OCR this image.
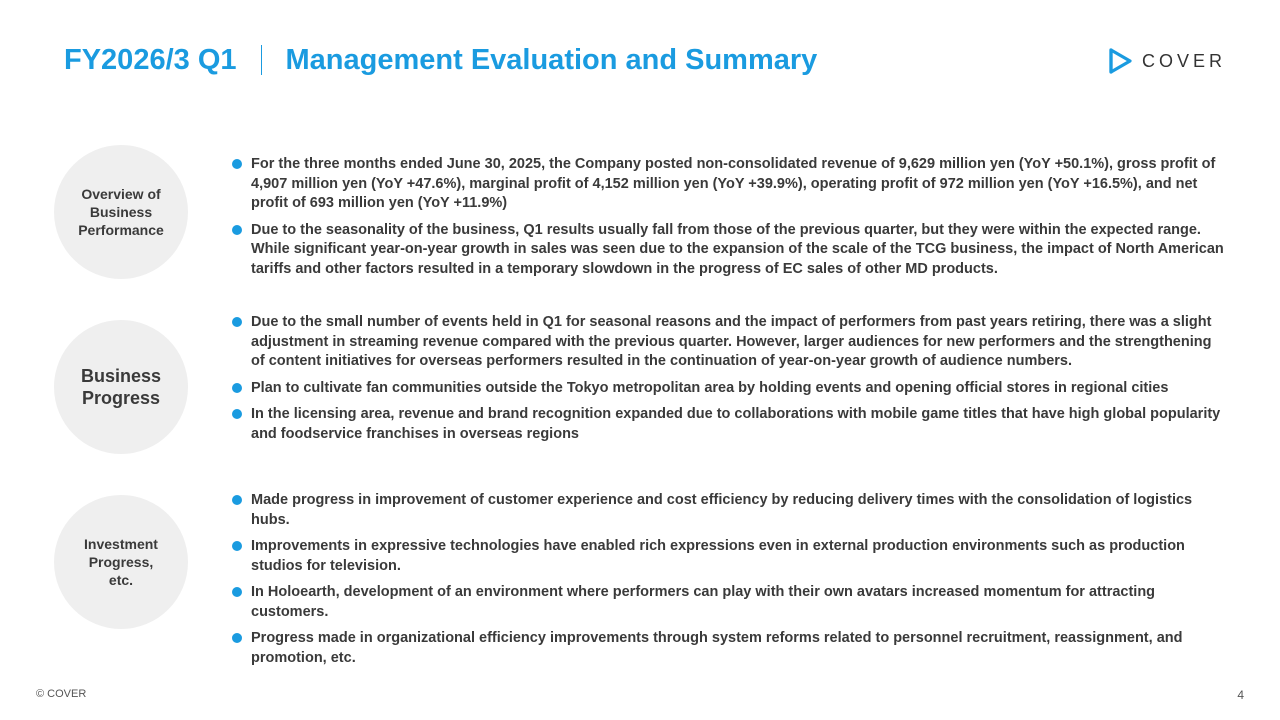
FY2026/3 Q1 Management Evaluation and Summary	COVER
Overview of
Business
Performance
For the three months ended June 30, 2025, the Company posted non-consolidated revenue of 9,629 million yen (YoY +50.1%), gross profit of 4,907 million yen (YoY +47.6%), marginal profit of 4,152 million yen (YoY +39.9%), operating profit of 972 million yen (YoY +16.5%), and net profit of 693 million yen (YoY +11.9%)
Due to the seasonality of the business, Q1 results usually fall from those of the previous quarter, but they were within the expected range. While significant year-on-year growth in sales was seen due to the expansion of the scale of the TCG business, the impact of North American tariffs and other factors resulted in a temporary slowdown in the progress of EC sales of other MD products.
Business
Progress
Due to the small number of events held in Q1 for seasonal reasons and the impact of performers from past years retiring, there was a slight adjustment in streaming revenue compared with the previous quarter. However, larger audiences for new performers and the strengthening of content initiatives for overseas performers resulted in the continuation of year-on-year growth of audience numbers.
Plan to cultivate fan communities outside the Tokyo metropolitan area by holding events and opening official stores in regional cities
In the licensing area, revenue and brand recognition expanded due to collaborations with mobile game titles that have high global popularity and foodservice franchises in overseas regions
Investment
Progress,
etc.
Made progress in improvement of customer experience and cost efficiency by reducing delivery times with the consolidation of logistics hubs.
Improvements in expressive technologies have enabled rich expressions even in external production environments such as production studios for television.
In Holoearth, development of an environment where performers can play with their own avatars increased momentum for attracting customers.
Progress made in organizational efficiency improvements through system reforms related to personnel recruitment, reassignment, and promotion, etc.
© COVER	4
